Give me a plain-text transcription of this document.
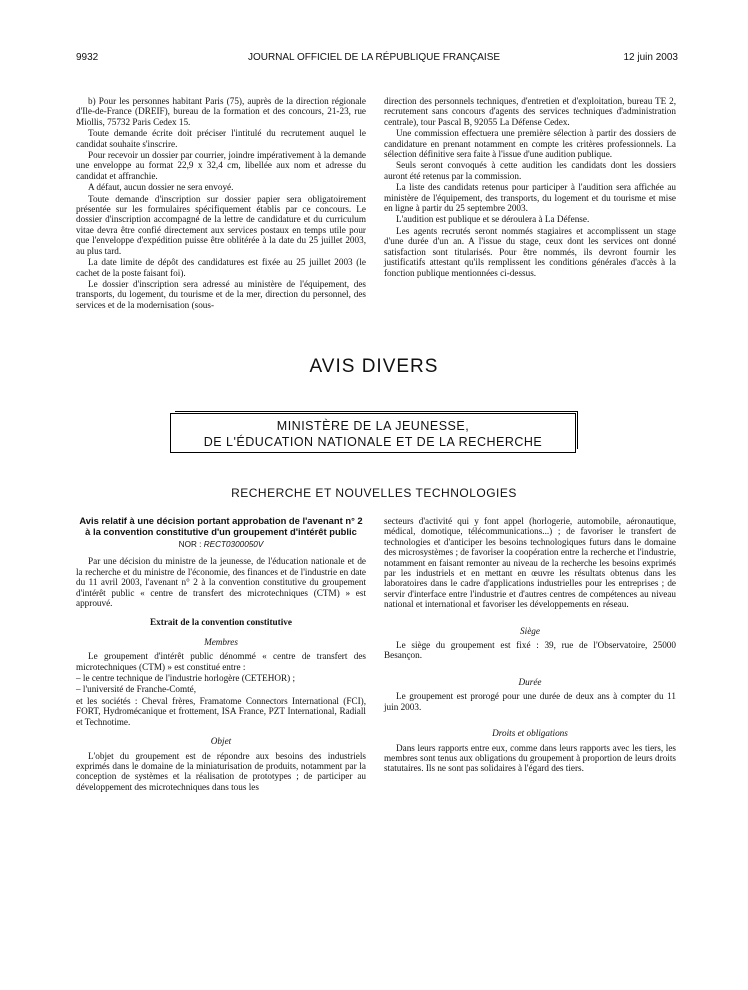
9932	JOURNAL OFFICIEL DE LA RÉPUBLIQUE FRANÇAISE	12 juin 2003

b) Pour les personnes habitant Paris (75), auprès de la direction régionale d'Ile-de-France (DREIF), bureau de la formation et des concours, 21-23, rue Miollis, 75732 Paris Cedex 15.

Toute demande écrite doit préciser l'intitulé du recrutement auquel le candidat souhaite s'inscrire.

Pour recevoir un dossier par courrier, joindre impérativement à la demande une enveloppe au format 22,9 x 32,4 cm, libellée aux nom et adresse du candidat et affranchie.

A défaut, aucun dossier ne sera envoyé.

Toute demande d'inscription sur dossier papier sera obligatoirement présentée sur les formulaires spécifiquement établis par ce concours. Le dossier d'inscription accompagné de la lettre de candidature et du curriculum vitae devra être confié directement aux services postaux en temps utile pour que l'enveloppe d'expédition puisse être oblitérée à la date du 25 juillet 2003, au plus tard.

La date limite de dépôt des candidatures est fixée au 25 juillet 2003 (le cachet de la poste faisant foi).

Le dossier d'inscription sera adressé au ministère de l'équipement, des transports, du logement, du tourisme et de la mer, direction du personnel, des services et de la modernisation (sous-

direction des personnels techniques, d'entretien et d'exploitation, bureau TE 2, recrutement sans concours d'agents des services techniques d'administration centrale), tour Pascal B, 92055 La Défense Cedex.

Une commission effectuera une première sélection à partir des dossiers de candidature en prenant notamment en compte les critères professionnels. La sélection définitive sera faite à l'issue d'une audition publique.

Seuls seront convoqués à cette audition les candidats dont les dossiers auront été retenus par la commission.

La liste des candidats retenus pour participer à l'audition sera affichée au ministère de l'équipement, des transports, du logement et du tourisme et mise en ligne à partir du 25 septembre 2003.

L'audition est publique et se déroulera à La Défense.

Les agents recrutés seront nommés stagiaires et accomplissent un stage d'une durée d'un an. A l'issue du stage, ceux dont les services ont donné satisfaction sont titularisés. Pour être nommés, ils devront fournir les justificatifs attestant qu'ils remplissent les conditions générales d'accès à la fonction publique mentionnées ci-dessus.

AVIS DIVERS
MINISTÈRE DE LA JEUNESSE,
DE L'ÉDUCATION NATIONALE ET DE LA RECHERCHE
RECHERCHE ET NOUVELLES TECHNOLOGIES
Avis relatif à une décision portant approbation de l'avenant n° 2 à la convention constitutive d'un groupement d'intérêt public
NOR : RECT0300050V

Par une décision du ministre de la jeunesse, de l'éducation nationale et de la recherche et du ministre de l'économie, des finances et de l'industrie en date du 11 avril 2003, l'avenant n° 2 à la convention constitutive du groupement d'intérêt public « centre de transfert des microtechniques (CTM) » est approuvé.

Extrait de la convention constitutive
Membres

Le groupement d'intérêt public dénommé « centre de transfert des microtechniques (CTM) » est constitué entre :

– le centre technique de l'industrie horlogère (CETEHOR) ;

– l'université de Franche-Comté,

et les sociétés : Cheval frères, Framatome Connectors International (FCI), FORT, Hydromécanique et frottement, ISA France, PZT International, Radiall et Technotime.

Objet

L'objet du groupement est de répondre aux besoins des industriels exprimés dans le domaine de la miniaturisation de produits, notamment par la conception de systèmes et la réalisation de prototypes ; de participer au développement des microtechniques dans tous les

secteurs d'activité qui y font appel (horlogerie, automobile, aéronautique, médical, domotique, télécommunications...) ; de favoriser le transfert de technologies et d'anticiper les besoins technologiques futurs dans le domaine des microsystèmes ; de favoriser la coopération entre la recherche et l'industrie, notamment en faisant remonter au niveau de la recherche les besoins exprimés par les industriels et en mettant en œuvre les résultats obtenus dans les laboratoires dans le cadre d'applications industrielles pour les entreprises ; de servir d'interface entre l'industrie et d'autres centres de compétences au niveau national et international et favoriser les développements en réseau.

Siège

Le siège du groupement est fixé : 39, rue de l'Observatoire, 25000 Besançon.

Durée

Le groupement est prorogé pour une durée de deux ans à compter du 11 juin 2003.

Droits et obligations

Dans leurs rapports entre eux, comme dans leurs rapports avec les tiers, les membres sont tenus aux obligations du groupement à proportion de leurs droits statutaires. Ils ne sont pas solidaires à l'égard des tiers.
